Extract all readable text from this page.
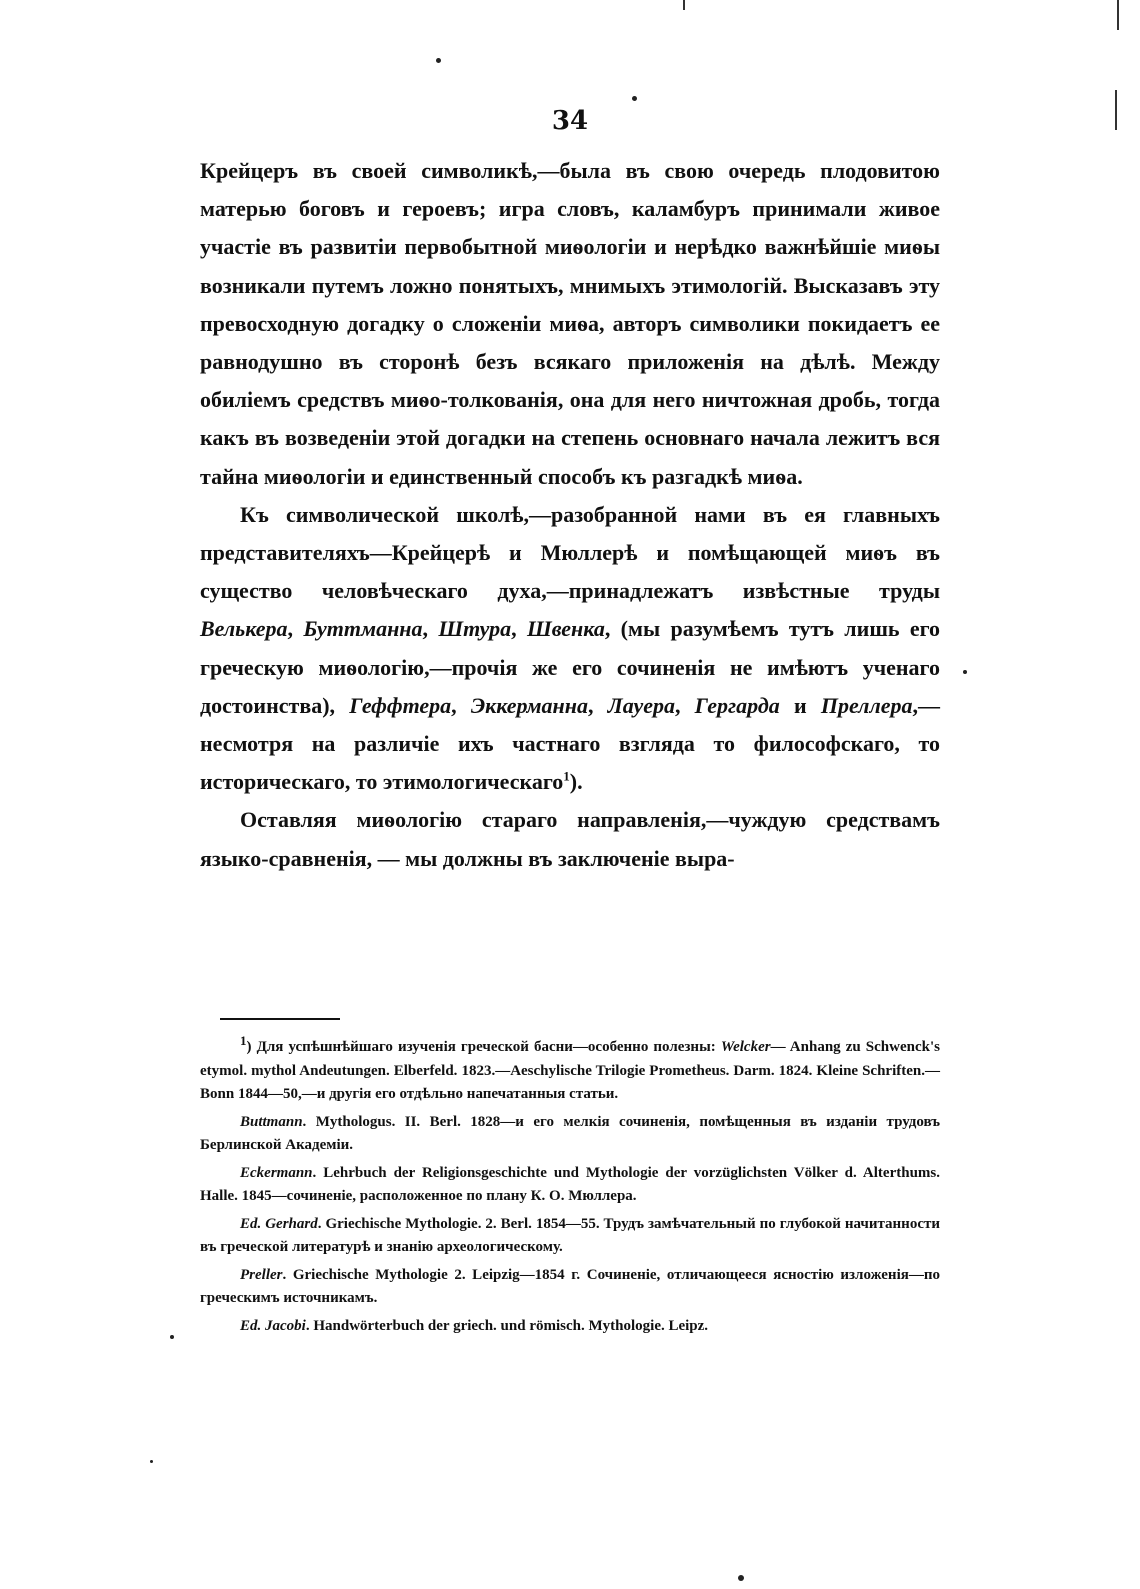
34

Крейцеръ въ своей символикѣ,—была въ свою очередь плодовитою матерью боговъ и героевъ; игра словъ, каламбуръ принимали живое участіе въ развитіи первобытной миѳологіи и нерѣдко важнѣйшіе миѳы возникали путемъ ложно понятыхъ, мнимыхъ этимологій. Высказавъ эту превосходную догадку о сложеніи миѳа, авторъ символики покидаетъ ее равнодушно въ сторонѣ безъ всякаго приложенія на дѣлѣ. Между обиліемъ средствъ миѳо-толкованія, она для него ничтожная дробь, тогда какъ въ возведеніи этой догадки на степень основнаго начала лежитъ вся тайна миѳологіи и единственный способъ къ разгадкѣ миѳа.

Къ символической школѣ,—разобранной нами въ ея главныхъ представителяхъ—Крейцерѣ и Мюллерѣ и помѣщающей миѳъ въ существо человѣческаго духа,—принадлежатъ извѣстные труды Велькера, Буттманна, Штура, Швенка, (мы разумѣемъ тутъ лишь его греческую миѳологію,—прочія же его сочиненія не имѣютъ ученаго достоинства), Геффтера, Эккерманна, Лауера, Гергарда и Преллера,—несмотря на различіе ихъ частнаго взгляда то философскаго, то историческаго, то этимологическаго$^1$).

Оставляя миѳологію стараго направленія,—чуждую средствамъ языко-сравненія, — мы должны въ заключеніе выра-

$^1$) Для успѣшнѣйшаго изученія греческой басни—особенно полезны: Welcker— Anhang zu Schwenck's etymol. mythol Andeutungen. Elberfeld. 1823.—Aeschylische Trilogie Prometheus. Darm. 1824. Kleine Schriften.—Bonn 1844—50,—и другія его отдѣльно напечатанныя статьи.

Buttmann. Mythologus. II. Berl. 1828—и его мелкія сочиненія, помѣщенныя въ изданіи трудовъ Берлинской Академіи.

Eckermann. Lehrbuch der Religionsgeschichte und Mythologie der vorzüglichsten Völker d. Alterthums. Halle. 1845—сочиненіе, расположенное по плану К. О. Мюллера.

Ed. Gerhard. Griechische Mythologie. 2. Berl. 1854—55. Трудъ замѣчательный по глубокой начитанности въ греческой литературѣ и знанію археологическому.

Preller. Griechische Mythologie 2. Leipzig—1854 г. Сочиненіе, отличающееся ясностію изложенія—по греческимъ источникамъ.

Ed. Jacobi. Handwörterbuch der griech. und römisch. Mythologie. Leipz.
